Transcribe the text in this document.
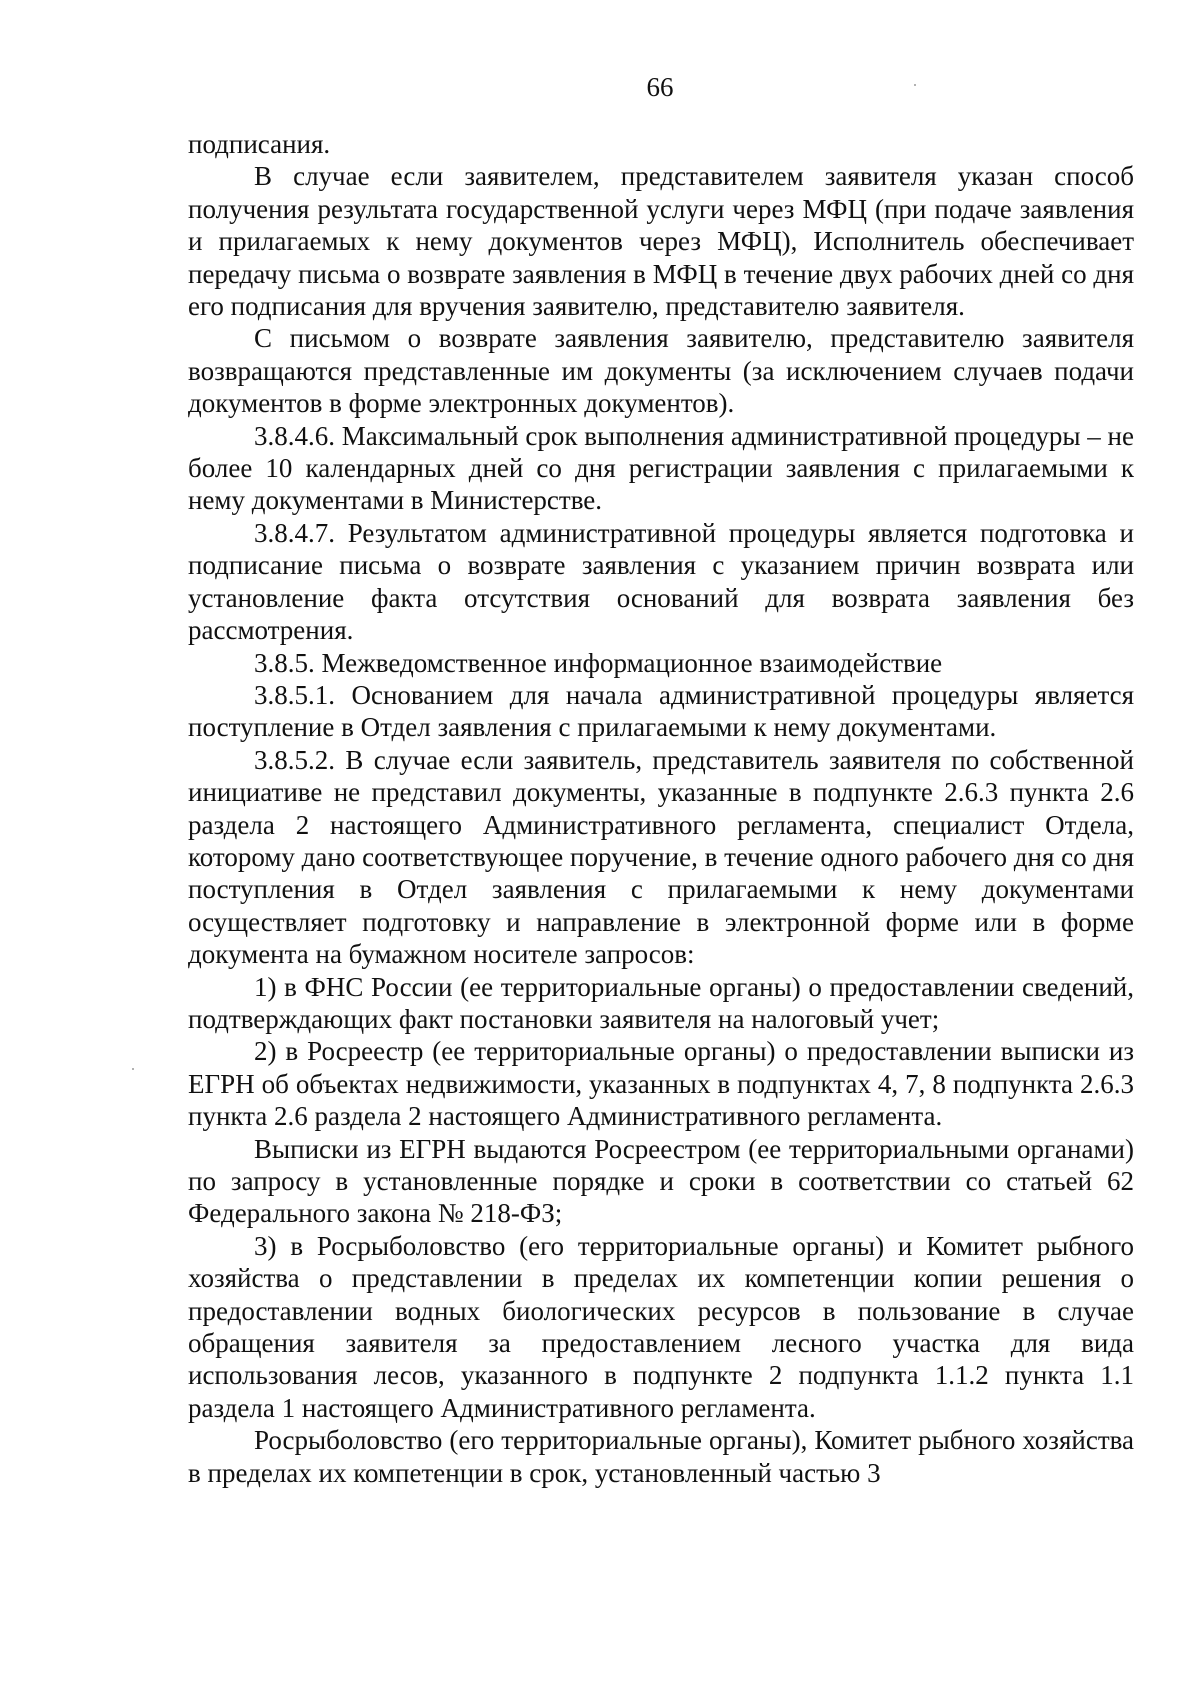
66

подписания.

В случае если заявителем, представителем заявителя указан способ получения результата государственной услуги через МФЦ (при подаче заявления и прилагаемых к нему документов через МФЦ), Исполнитель обеспечивает передачу письма о возврате заявления в МФЦ в течение двух рабочих дней со дня его подписания для вручения заявителю, представителю заявителя.

С письмом о возврате заявления заявителю, представителю заявителя возвращаются представленные им документы (за исключением случаев подачи документов в форме электронных документов).

3.8.4.6. Максимальный срок выполнения административной процедуры – не более 10 календарных дней со дня регистрации заявления с прилагаемыми к нему документами в Министерстве.

3.8.4.7. Результатом административной процедуры является подготовка и подписание письма о возврате заявления с указанием причин возврата или установление факта отсутствия оснований для возврата заявления без рассмотрения.

3.8.5. Межведомственное информационное взаимодействие

3.8.5.1. Основанием для начала административной процедуры является поступление в Отдел заявления с прилагаемыми к нему документами.

3.8.5.2. В случае если заявитель, представитель заявителя по собственной инициативе не представил документы, указанные в подпункте 2.6.3 пункта 2.6 раздела 2 настоящего Административного регламента, специалист Отдела, которому дано соответствующее поручение, в течение одного рабочего дня со дня поступления в Отдел заявления с прилагаемыми к нему документами осуществляет подготовку и направление в электронной форме или в форме документа на бумажном носителе запросов:

1) в ФНС России (ее территориальные органы) о предоставлении сведений, подтверждающих факт постановки заявителя на налоговый учет;

2) в Росреестр (ее территориальные органы) о предоставлении выписки из ЕГРН об объектах недвижимости, указанных в подпунктах 4, 7, 8 подпункта 2.6.3 пункта 2.6 раздела 2 настоящего Административного регламента.

Выписки из ЕГРН выдаются Росреестром (ее территориальными органами) по запросу в установленные порядке и сроки в соответствии со статьей 62 Федерального закона № 218-ФЗ;

3) в Росрыболовство (его территориальные органы) и Комитет рыбного хозяйства о представлении в пределах их компетенции копии решения о предоставлении водных биологических ресурсов в пользование в случае обращения заявителя за предоставлением лесного участка для вида использования лесов, указанного в подпункте 2 подпункта 1.1.2 пункта 1.1 раздела 1 настоящего Административного регламента.

Росрыболовство (его территориальные органы), Комитет рыбного хозяйства в пределах их компетенции в срок, установленный частью 3
